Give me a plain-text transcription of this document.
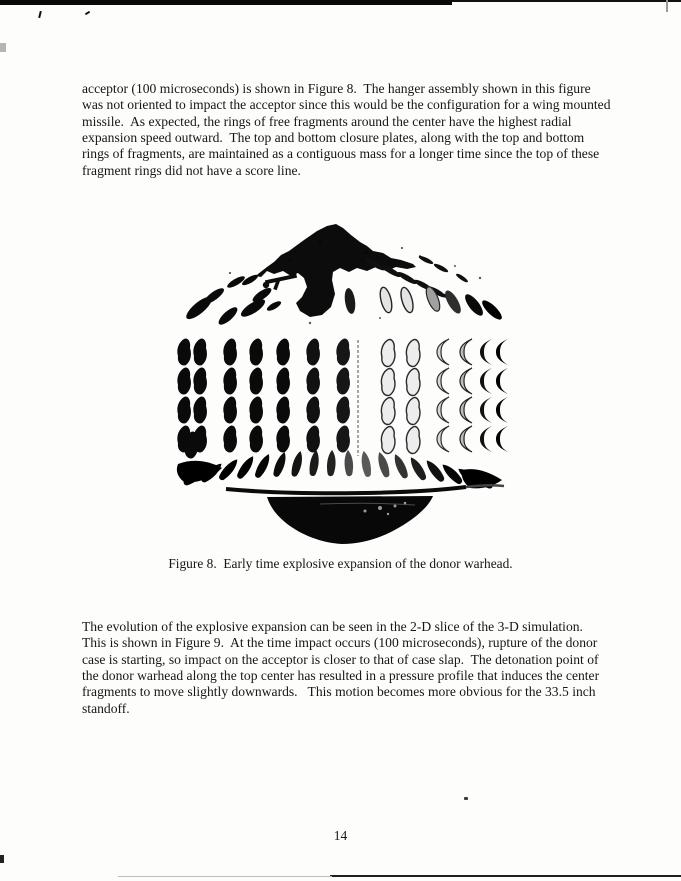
acceptor (100 microseconds) is shown in Figure 8.  The hanger assembly shown in this figure
was not oriented to impact the acceptor since this would be the configuration for a wing mounted
missile.  As expected, the rings of free fragments around the center have the highest radial
expansion speed outward.  The top and bottom closure plates, along with the top and bottom
rings of fragments, are maintained as a contiguous mass for a longer time since the top of these
fragment rings did not have a score line.
Figure 8.  Early time explosive expansion of the donor warhead.
The evolution of the explosive expansion can be seen in the 2-D slice of the 3-D simulation.
This is shown in Figure 9.  At the time impact occurs (100 microseconds), rupture of the donor
case is starting, so impact on the acceptor is closer to that of case slap.  The detonation point of
the donor warhead along the top center has resulted in a pressure profile that induces the center
fragments to move slightly downwards.   This motion becomes more obvious for the 33.5 inch
standoff.
14
